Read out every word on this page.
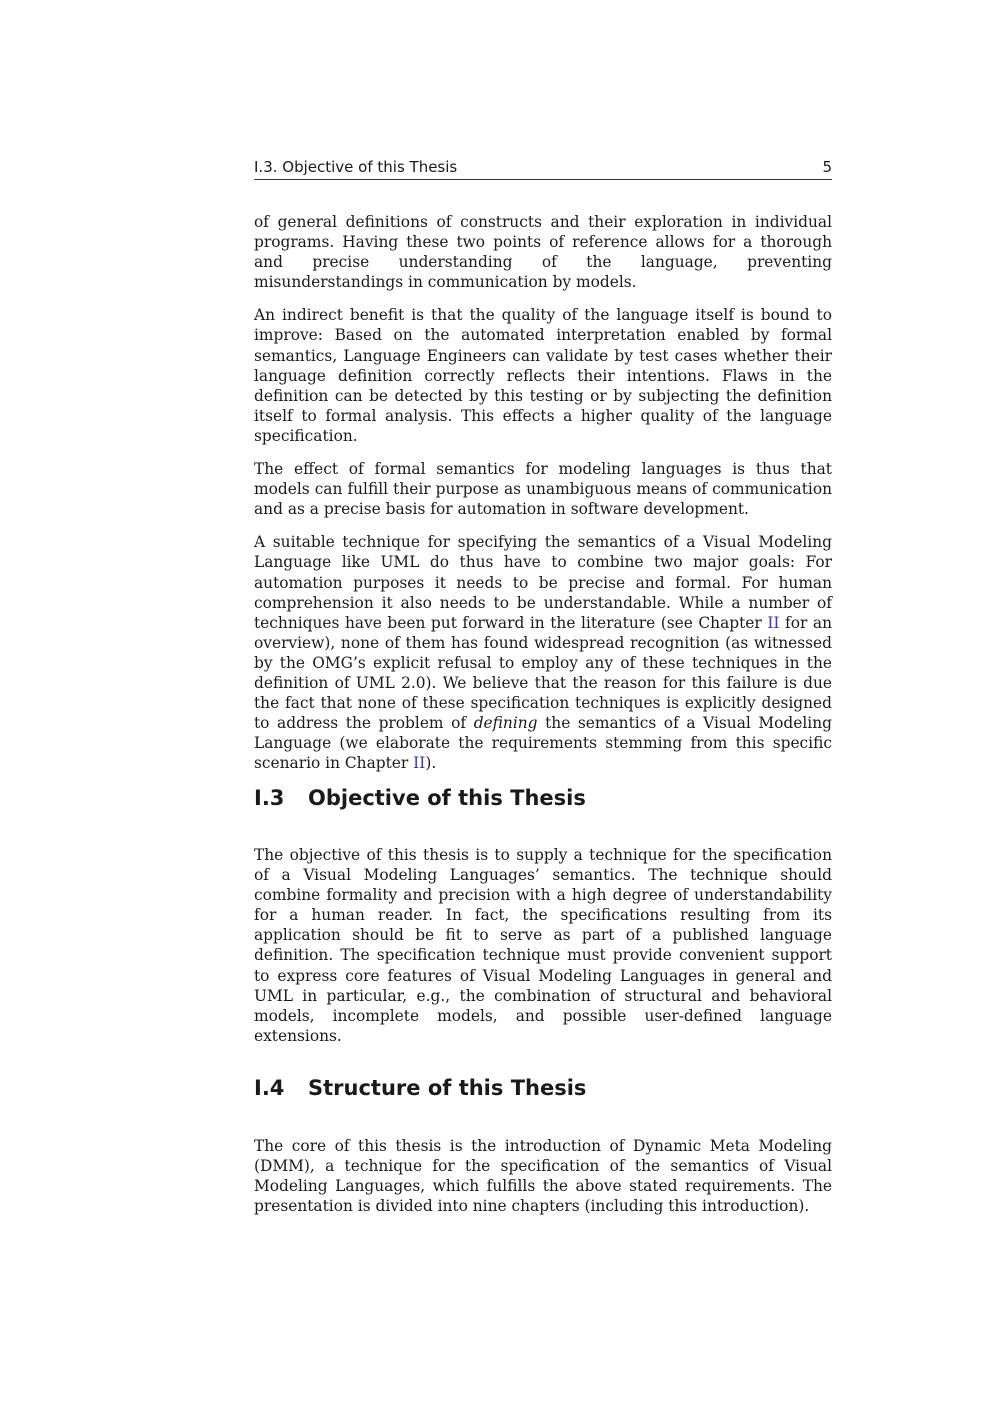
I.3. Objective of this Thesis	5

of general definitions of constructs and their exploration in individual programs. Having these two points of reference allows for a thorough and precise understanding of the language, preventing misunderstandings in communication by models.

An indirect benefit is that the quality of the language itself is bound to improve: Based on the automated interpretation enabled by formal semantics, Language Engineers can validate by test cases whether their language definition correctly reflects their intentions. Flaws in the definition can be detected by this testing or by subjecting the definition itself to formal analysis. This effects a higher quality of the language specification.

The effect of formal semantics for modeling languages is thus that models can fulfill their purpose as unambiguous means of communication and as a precise basis for automation in software development.

A suitable technique for specifying the semantics of a Visual Modeling Language like UML do thus have to combine two major goals: For automation purposes it needs to be precise and formal. For human comprehension it also needs to be understandable. While a number of techniques have been put forward in the literature (see Chapter II for an overview), none of them has found widespread recognition (as witnessed by the OMG’s explicit refusal to employ any of these techniques in the definition of UML 2.0). We believe that the reason for this failure is due the fact that none of these specification techniques is explicitly designed to address the problem of defining the semantics of a Visual Modeling Language (we elaborate the requirements stemming from this specific scenario in Chapter II).

I.3	Objective of this Thesis

The objective of this thesis is to supply a technique for the specification of a Visual Modeling Languages’ semantics. The technique should combine formality and precision with a high degree of understandability for a human reader. In fact, the specifications resulting from its application should be fit to serve as part of a published language definition. The specification technique must provide convenient support to express core features of Visual Modeling Languages in general and UML in particular, e.g., the combination of structural and behavioral models, incomplete models, and possible user-defined language extensions.

I.4	Structure of this Thesis

The core of this thesis is the introduction of Dynamic Meta Modeling (DMM), a technique for the specification of the semantics of Visual Modeling Languages, which fulfills the above stated requirements. The presentation is divided into nine chapters (including this introduction).
